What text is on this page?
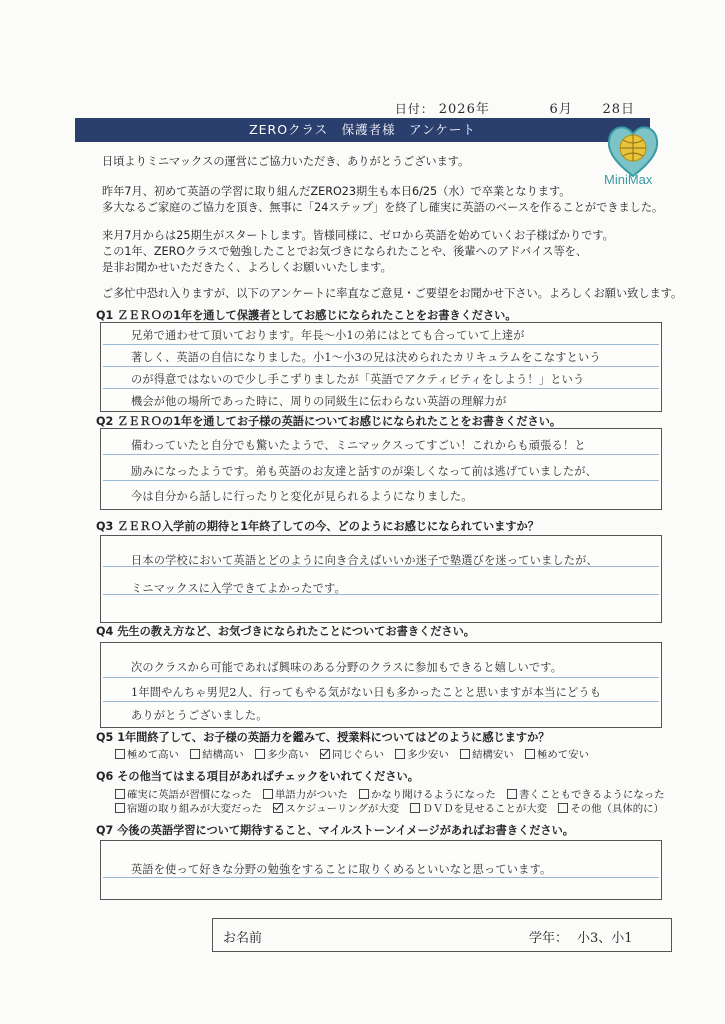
日付： 2026年	6月 28日
ZEROクラス　保護者様　アンケート
MiniMax
日頃よりミニマックスの運営にご協力いただき、ありがとうございます。
昨年7月、初めて英語の学習に取り組んだZERO23期生も本日6/25（水）で卒業となります。
多大なるご家庭のご協力を頂き、無事に「24ステップ」を終了し確実に英語のベースを作ることができました。
来月7月からは25期生がスタートします。皆様同様に、ゼロから英語を始めていくお子様ばかりです。
この1年、ZEROクラスで勉強したことでお気づきになられたことや、後輩へのアドバイス等を、
是非お聞かせいただきたく、よろしくお願いいたします。
ご多忙中恐れ入りますが、以下のアンケートに率直なご意見・ご要望をお聞かせ下さい。よろしくお願い致します。
Q1 ＺＥＲＯの1年を通して保護者としてお感じになられたことをお書きください。
兄弟で通わせて頂いております。年長～小1の弟にはとても合っていて上達が
著しく、英語の自信になりました。小1～小3の兄は決められたカリキュラムをこなすという
のが得意ではないので少し手こずりましたが「英語でアクティビティをしよう！」という
機会が他の場所であった時に、周りの同級生に伝わらない英語の理解力が
Q2 ＺＥＲＯの1年を通してお子様の英語についてお感じになられたことをお書きください。
備わっていたと自分でも驚いたようで、ミニマックスってすごい！これからも頑張る！と
励みになったようです。弟も英語のお友達と話すのが楽しくなって前は逃げていましたが、
今は自分から話しに行ったりと変化が見られるようになりました。
Q3 ＺＥＲＯ入学前の期待と1年終了しての今、どのようにお感じになられていますか？
日本の学校において英語とどのように向き合えばいいか迷子で塾選びを迷っていましたが、
ミニマックスに入学できてよかったです。
Q4 先生の教え方など、お気づきになられたことについてお書きください。
次のクラスから可能であれば興味のある分野のクラスに参加もできると嬉しいです。
1年間やんちゃ男児2人、行ってもやる気がない日も多かったことと思いますが本当にどうも
ありがとうございました。
Q5 1年間終了して、お子様の英語力を鑑みて、授業料についてはどのように感じますか？
極めて高い 結構高い 多少高い 同じぐらい 多少安い 結構安い 極めて安い
Q6 その他当てはまる項目があればチェックをいれてください。
確実に英語が習慣になった 単語力がついた かなり聞けるようになった 書くこともできるようになった
宿題の取り組みが大変だった スケジューリングが大変 ＤＶＤを見せることが大変 その他（具体的に）
Q7 今後の英語学習について期待すること、マイルストーンイメージがあればお書きください。
英語を使って好きな分野の勉強をすることに取りくめるといいなと思っています。
お名前	学年： 小3、小1
